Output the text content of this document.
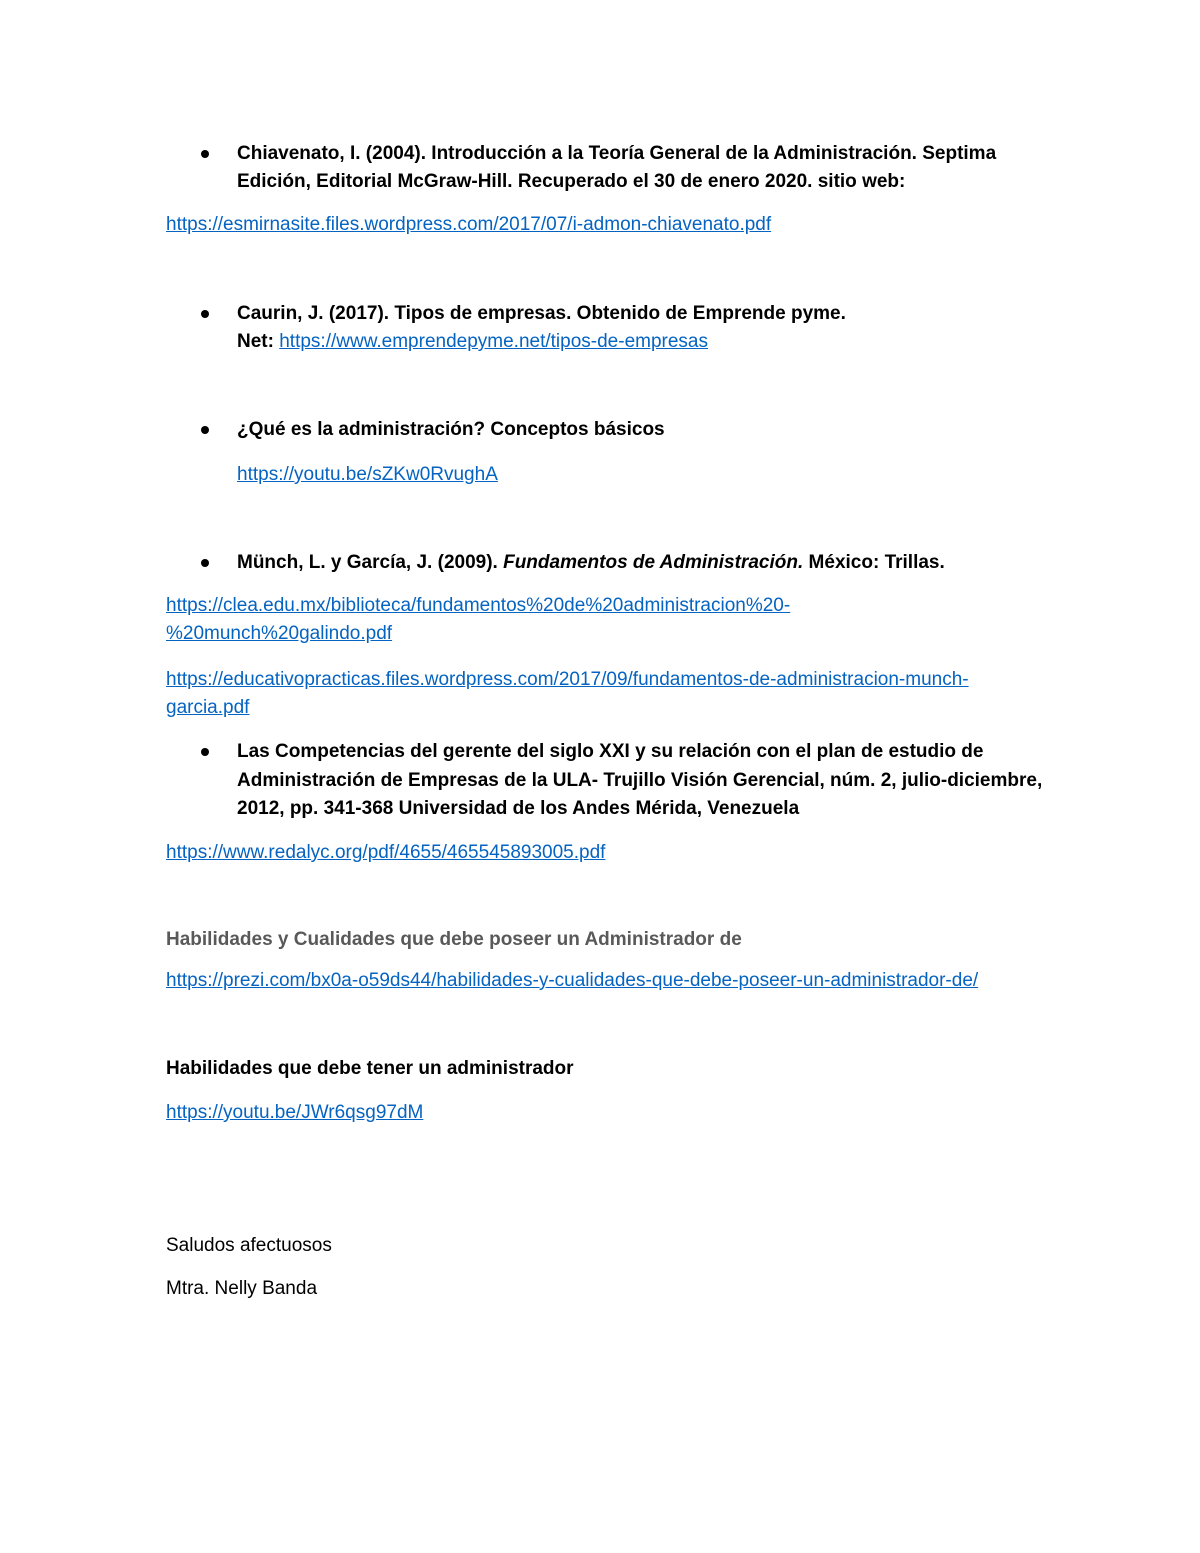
Chiavenato, I. (2004). Introducción a la Teoría General de la Administración. Septima
Edición, Editorial McGraw-Hill. Recuperado el 30 de enero 2020. sitio web:
https://esmirnasite.files.wordpress.com/2017/07/i-admon-chiavenato.pdf
Caurin, J. (2017). Tipos de empresas. Obtenido de Emprende pyme.
Net: https://www.emprendepyme.net/tipos-de-empresas
¿Qué es la administración? Conceptos básicos
https://youtu.be/sZKw0RvughA
Münch, L. y García, J. (2009). Fundamentos de Administración. México: Trillas.
https://clea.edu.mx/biblioteca/fundamentos%20de%20administracion%20-
%20munch%20galindo.pdf
https://educativopracticas.files.wordpress.com/2017/09/fundamentos-de-administracion-munch-
garcia.pdf
Las Competencias del gerente del siglo XXI y su relación con el plan de estudio de
Administración de Empresas de la ULA- Trujillo Visión Gerencial, núm. 2, julio-diciembre,
2012, pp. 341-368 Universidad de los Andes Mérida, Venezuela
https://www.redalyc.org/pdf/4655/465545893005.pdf
Habilidades y Cualidades que debe poseer un Administrador de
https://prezi.com/bx0a-o59ds44/habilidades-y-cualidades-que-debe-poseer-un-administrador-de/
Habilidades que debe tener un administrador
https://youtu.be/JWr6qsg97dM
Saludos afectuosos
Mtra. Nelly Banda
